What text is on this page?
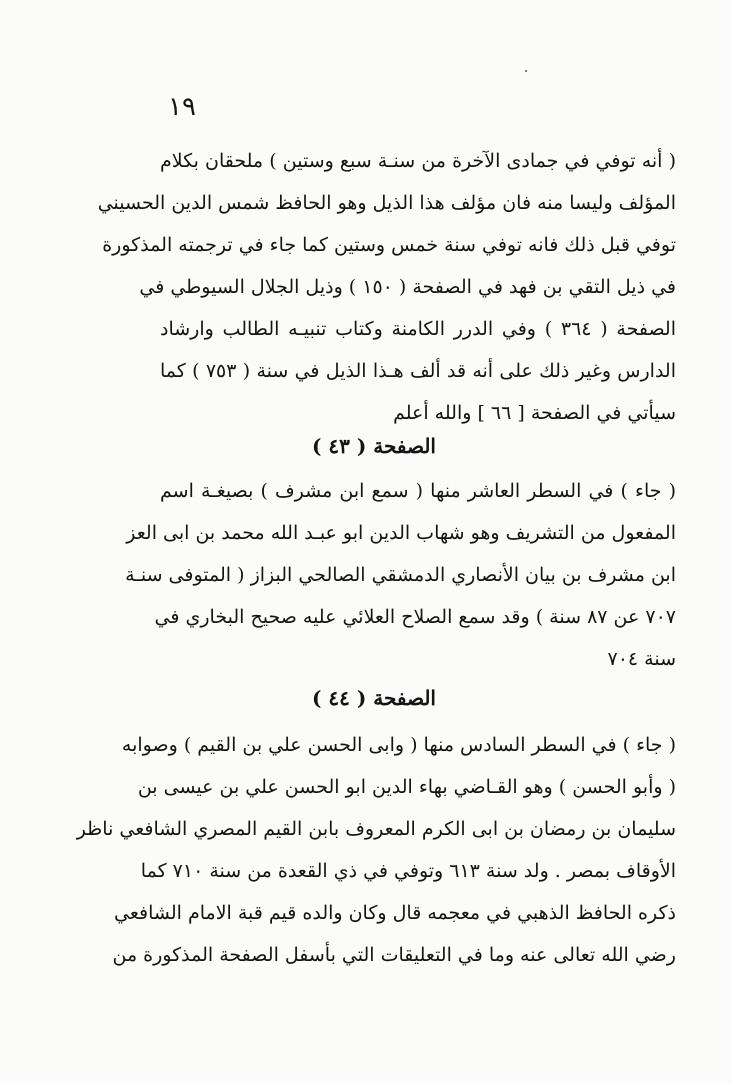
١٩
( أنه توفي في جمادى الآخرة من سنـة سبع وستين ) ملحقان بكلام
المؤلف وليسا منه فان مؤلف هذا الذيل وهو الحافظ شمس الدين الحسيني
توفي قبل ذلك فانه توفي سنة خمس وستين كما جاء في ترجمته المذكورة
في ذيل التقي بن فهد في الصفحة ( ١٥٠ ) وذيل الجلال السيوطي في
الصفحة ( ٣٦٤ ) وفي الدرر الكامنة وكتاب تنبيـه الطالب وارشاد
الدارس وغير ذلك على أنه قد ألف هـذا الذيل في سنة ( ٧٥٣ ) كما
سيأتي في الصفحة [ ٦٦ ] والله أعلم
الصفحة ( ٤٣ )
( جاء ) في السطر العاشر منها ( سمع ابن مشرف ) بصيغـة اسم
المفعول من التشريف وهو شهاب الدين ابو عبـد الله محمد بن ابى العز
ابن مشرف بن بيان الأنصاري الدمشقي الصالحي البزاز ( المتوفى سنـة
٧٠٧ عن ٨٧ سنة ) وقد سمع الصلاح العلائي عليه صحيح البخاري في
سنة ٧٠٤
الصفحة ( ٤٤ )
( جاء ) في السطر السادس منها ( وابى الحسن علي بن القيم ) وصوابه
( وأبو الحسن ) وهو القـاضي بهاء الدين ابو الحسن علي بن عيسى بن
سليمان بن رمضان بن ابى الكرم المعروف بابن القيم المصري الشافعي ناظر
الأوقاف بمصر . ولد سنة ٦١٣ وتوفي في ذي القعدة من سنة ٧١٠ كما
ذكره الحافظ الذهبي في معجمه قال وكان والده قيم قبة الامام الشافعي
رضي الله تعالى عنه وما في التعليقات التي بأسفل الصفحة المذكورة من
